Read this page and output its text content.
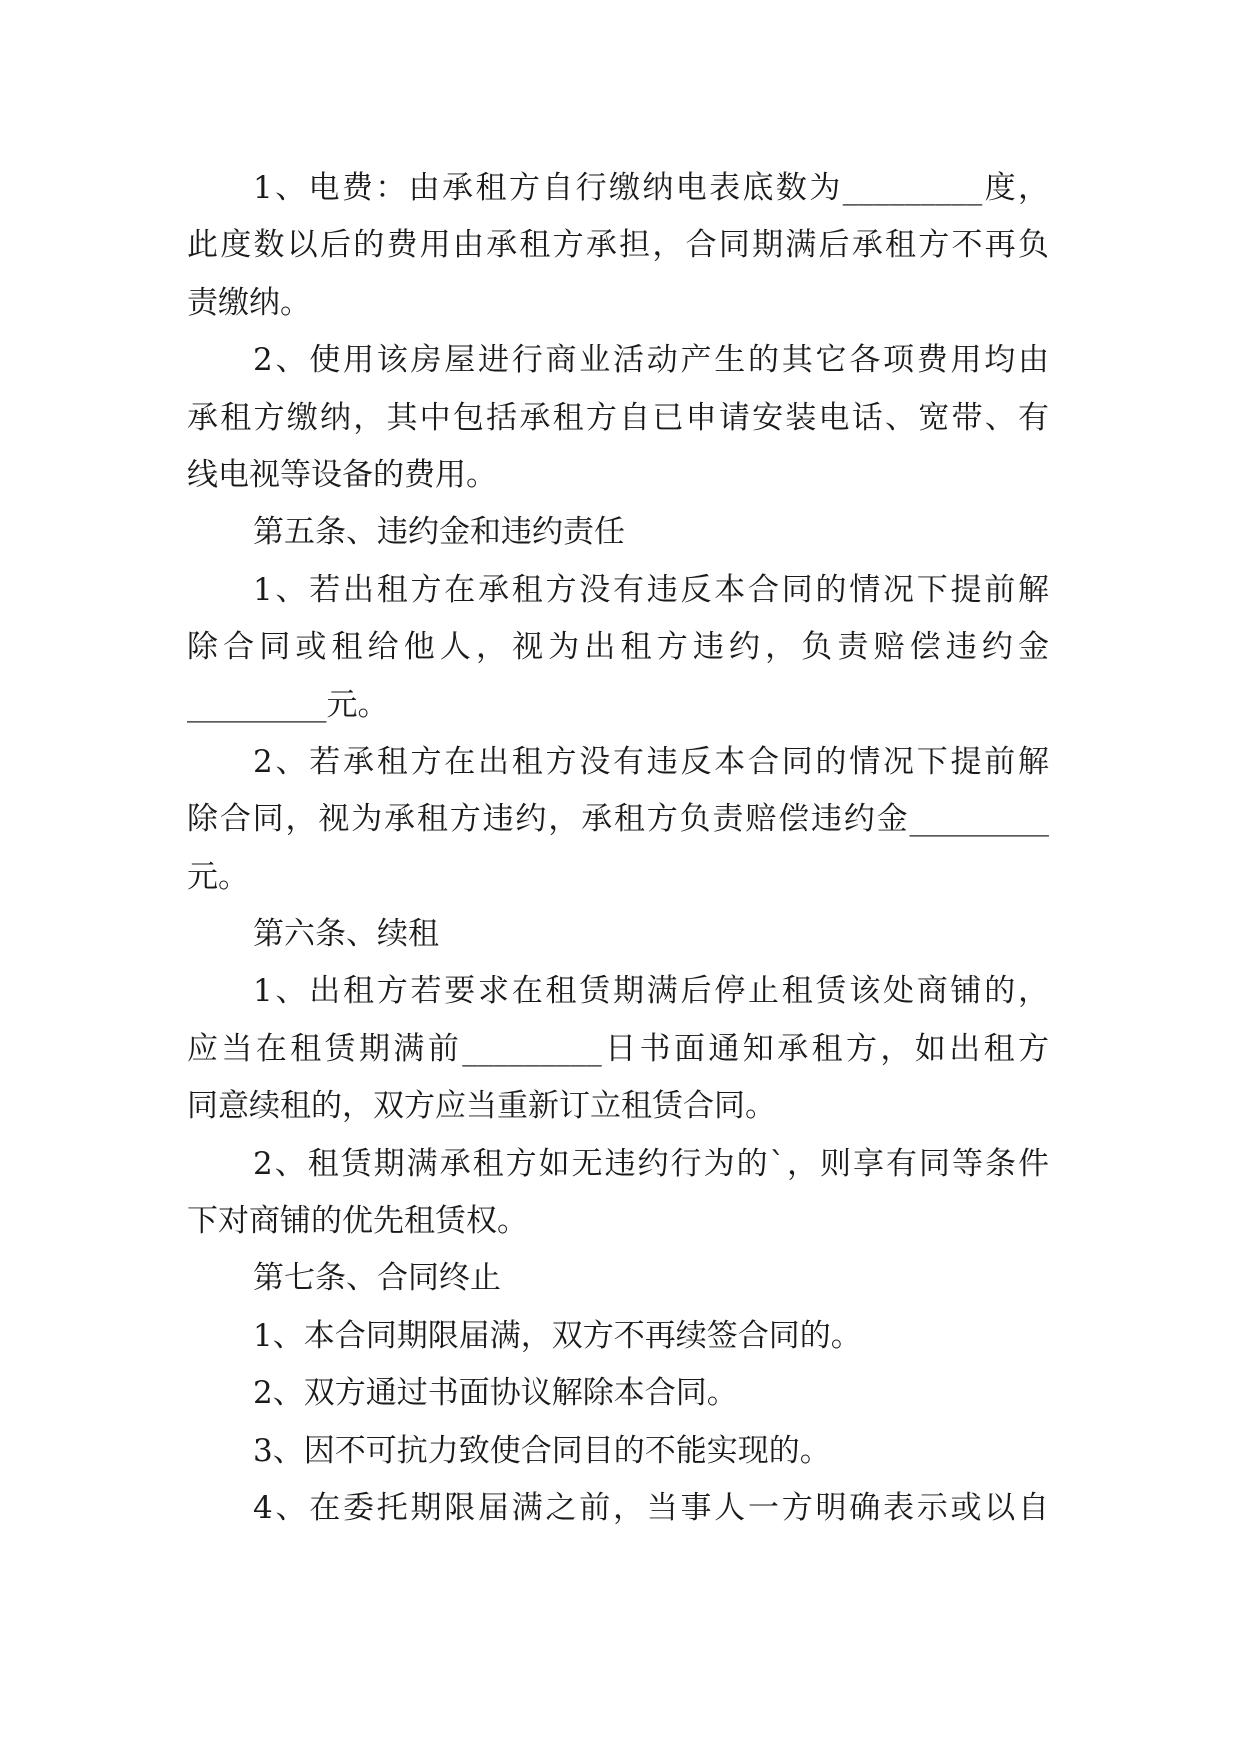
1、电费：由承租方自行缴纳电表底数为_________度，
此度数以后的费用由承租方承担，合同期满后承租方不再负
责缴纳。
2、使用该房屋进行商业活动产生的其它各项费用均由
承租方缴纳，其中包括承租方自已申请安装电话、宽带、有
线电视等设备的费用。
第五条、违约金和违约责任
1、若出租方在承租方没有违反本合同的情况下提前解
除合同或租给他人，视为出租方违约，负责赔偿违约金
_________元。
2、若承租方在出租方没有违反本合同的情况下提前解
除合同，视为承租方违约，承租方负责赔偿违约金_________
元。
第六条、续租
1、出租方若要求在租赁期满后停止租赁该处商铺的，
应当在租赁期满前_________日书面通知承租方，如出租方
同意续租的，双方应当重新订立租赁合同。
2、租赁期满承租方如无违约行为的`，则享有同等条件
下对商铺的优先租赁权。
第七条、合同终止
1、本合同期限届满，双方不再续签合同的。
2、双方通过书面协议解除本合同。
3、因不可抗力致使合同目的不能实现的。
4、在委托期限届满之前，当事人一方明确表示或以自
